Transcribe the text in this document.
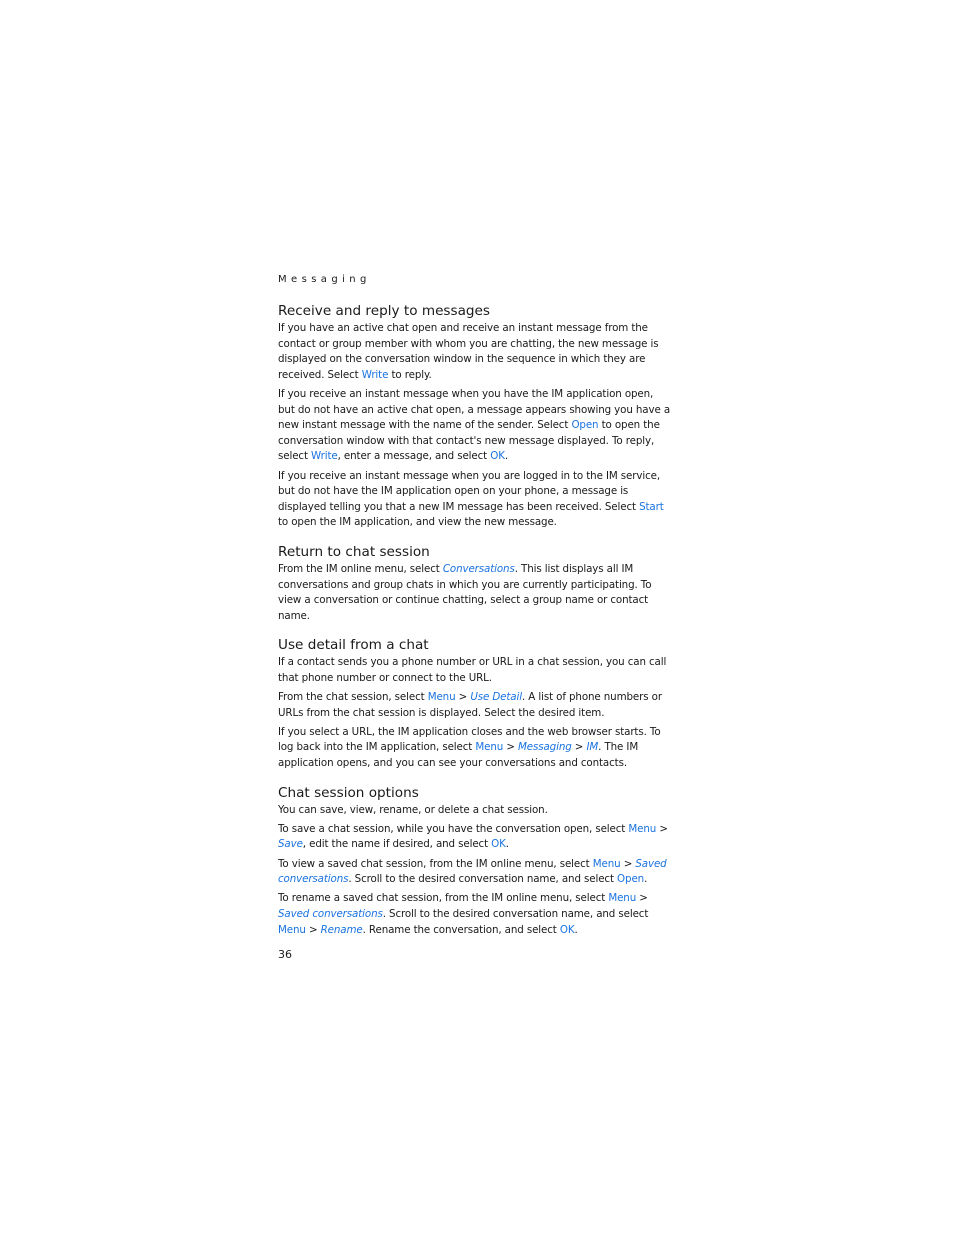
Messaging
Receive and reply to messages

If you have an active chat open and receive an instant message from the contact or group member with whom you are chatting, the new message is displayed on the conversation window in the sequence in which they are received. Select Write to reply.

If you receive an instant message when you have the IM application open, but do not have an active chat open, a message appears showing you have a new instant message with the name of the sender. Select Open to open the conversation window with that contact's new message displayed. To reply, select Write, enter a message, and select OK.

If you receive an instant message when you are logged in to the IM service, but do not have the IM application open on your phone, a message is displayed telling you that a new IM message has been received. Select Start to open the IM application, and view the new message.

Return to chat session

From the IM online menu, select Conversations. This list displays all IM conversations and group chats in which you are currently participating. To view a conversation or continue chatting, select a group name or contact name.

Use detail from a chat

If a contact sends you a phone number or URL in a chat session, you can call that phone number or connect to the URL.

From the chat session, select Menu > Use Detail. A list of phone numbers or URLs from the chat session is displayed. Select the desired item.

If you select a URL, the IM application closes and the web browser starts. To log back into the IM application, select Menu > Messaging > IM. The IM application opens, and you can see your conversations and contacts.

Chat session options

You can save, view, rename, or delete a chat session.

To save a chat session, while you have the conversation open, select Menu > Save, edit the name if desired, and select OK.

To view a saved chat session, from the IM online menu, select Menu > Saved conversations. Scroll to the desired conversation name, and select Open.

To rename a saved chat session, from the IM online menu, select Menu > Saved conversations. Scroll to the desired conversation name, and select Menu > Rename. Rename the conversation, and select OK.

36
